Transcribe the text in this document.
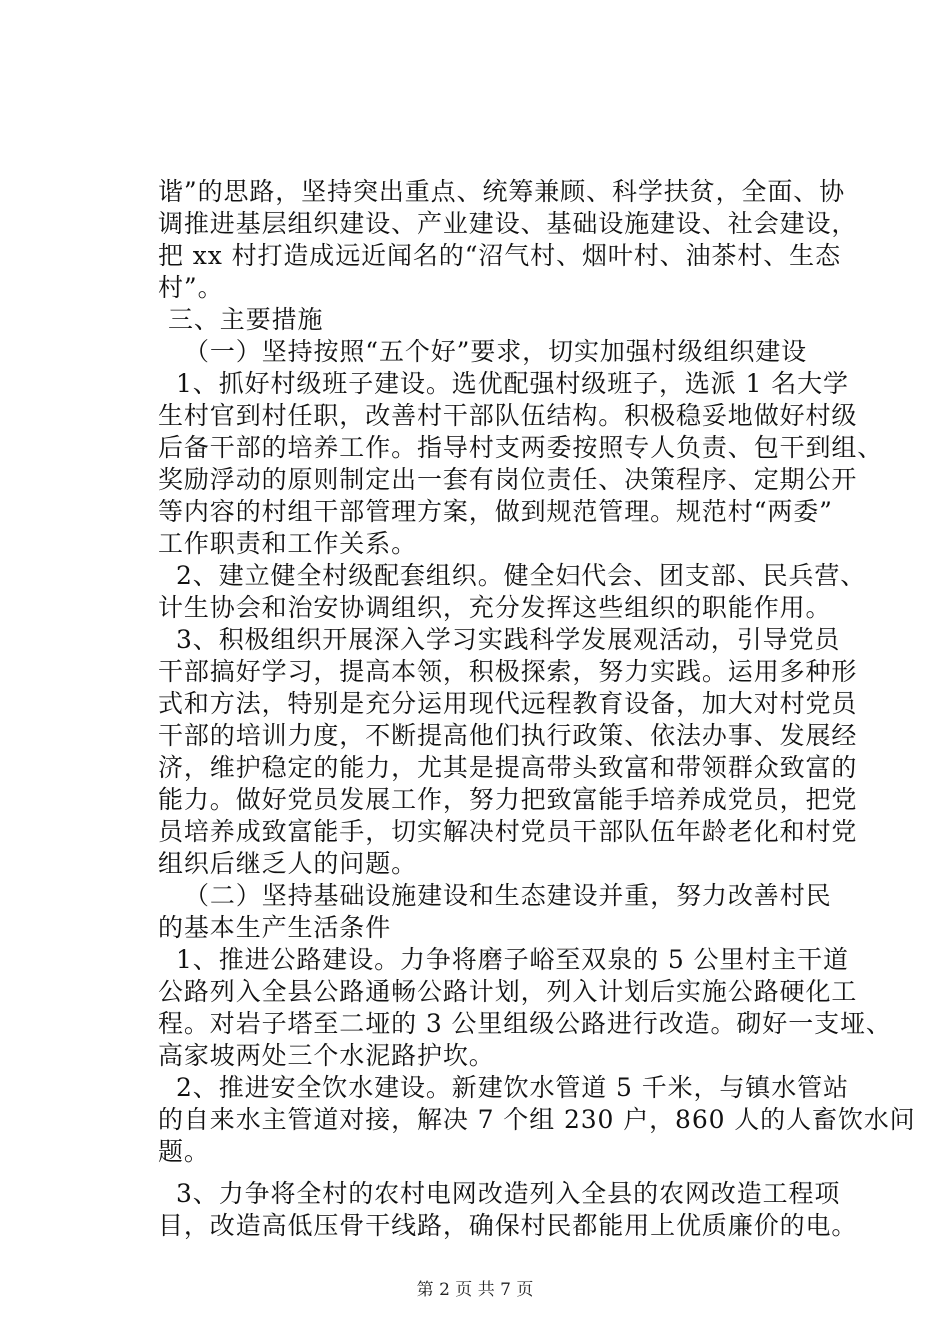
谐”的思路，坚持突出重点、统筹兼顾、科学扶贫，全面、协
调推进基层组织建设、产业建设、基础设施建设、社会建设，
把 xx 村打造成远近闻名的“沼气村、烟叶村、油茶村、生态
村”。
三、主要措施
（一）坚持按照“五个好”要求，切实加强村级组织建设
1、抓好村级班子建设。选优配强村级班子，选派 1 名大学
生村官到村任职，改善村干部队伍结构。积极稳妥地做好村级
后备干部的培养工作。指导村支两委按照专人负责、包干到组、
奖励浮动的原则制定出一套有岗位责任、决策程序、定期公开
等内容的村组干部管理方案，做到规范管理。规范村“两委”
工作职责和工作关系。
2、建立健全村级配套组织。健全妇代会、团支部、民兵营、
计生协会和治安协调组织，充分发挥这些组织的职能作用。
3、积极组织开展深入学习实践科学发展观活动，引导党员
干部搞好学习，提高本领，积极探索，努力实践。运用多种形
式和方法，特别是充分运用现代远程教育设备，加大对村党员
干部的培训力度，不断提高他们执行政策、依法办事、发展经
济，维护稳定的能力，尤其是提高带头致富和带领群众致富的
能力。做好党员发展工作，努力把致富能手培养成党员，把党
员培养成致富能手，切实解决村党员干部队伍年龄老化和村党
组织后继乏人的问题。
（二）坚持基础设施建设和生态建设并重，努力改善村民
的基本生产生活条件
1、推进公路建设。力争将磨子峪至双泉的 5 公里村主干道
公路列入全县公路通畅公路计划，列入计划后实施公路硬化工
程。对岩子塔至二垭的 3 公里组级公路进行改造。砌好一支垭、
高家坡两处三个水泥路护坎。
2、推进安全饮水建设。新建饮水管道 5 千米，与镇水管站
的自来水主管道对接，解决 7 个组 230 户，860 人的人畜饮水问
题。
3、力争将全村的农村电网改造列入全县的农网改造工程项
目，改造高低压骨干线路，确保村民都能用上优质廉价的电。
第 2 页 共 7 页
